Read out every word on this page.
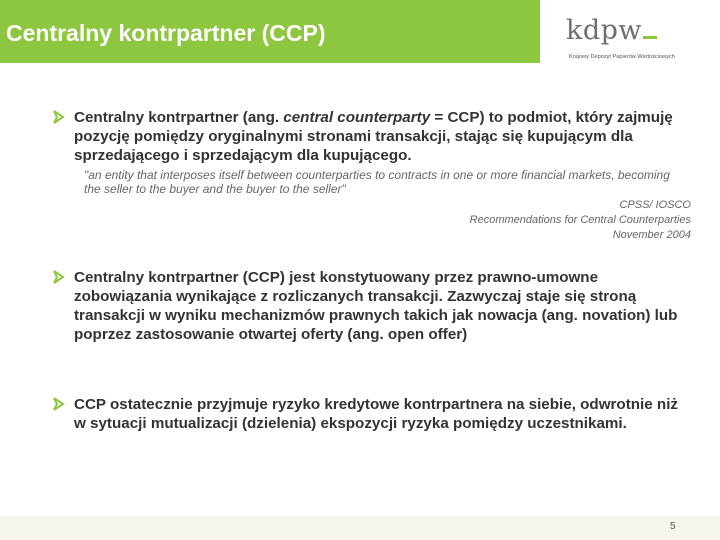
Centralny kontrpartner (CCP)	kdpw
Krajowy Depozyt Papierów Wartościowych

Centralny kontrpartner (ang. central counterparty = CCP) to podmiot, który zajmuję pozycję pomiędzy oryginalnymi stronami transakcji, stając się kupującym dla sprzedającego i sprzedającym dla kupującego.

"an entity that interposes itself between counterparties to contracts in one or more financial markets, becoming the seller to the buyer and the buyer to the seller"

CPSS/ IOSCO
Recommendations for Central Counterparties
November 2004

Centralny kontrpartner (CCP) jest konstytuowany przez prawno-umowne zobowiązania wynikające z rozliczanych transakcji. Zazwyczaj staje się stroną transakcji w wyniku mechanizmów prawnych takich jak nowacja (ang. novation) lub poprzez zastosowanie otwartej oferty (ang. open offer)

CCP ostatecznie przyjmuje ryzyko kredytowe kontrpartnera na siebie, odwrotnie niż w sytuacji mutualizacji (dzielenia) ekspozycji ryzyka pomiędzy uczestnikami.

5
